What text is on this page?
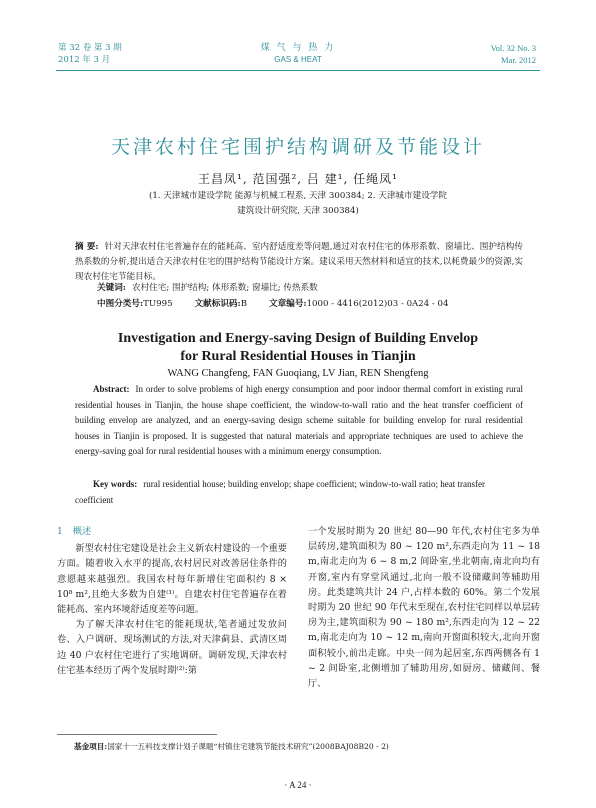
第 32 卷 第 3 期
2012 年 3 月
煤 气 与 热 力
GAS & HEAT
Vol. 32 No. 3
Mar. 2012
天津农村住宅围护结构调研及节能设计
王昌凤¹, 范国强², 吕 建¹, 任绳凤¹
(1. 天津城市建设学院 能源与机械工程系, 天津 300384; 2. 天津城市建设学院
建筑设计研究院, 天津 300384)
摘 要: 针对天津农村住宅普遍存在的能耗高、室内舒适度差等问题,通过对农村住宅的体形系数、窗墙比、围护结构传热系数的分析,提出适合天津农村住宅的围护结构节能设计方案。建议采用天然材料和适宜的技术,以耗费最少的资源,实现农村住宅节能目标。
关键词: 农村住宅; 围护结构; 体形系数; 窗墙比; 传热系数
中图分类号:TU995	文献标识码:B	文章编号:1000 - 4416(2012)03 - 0A24 - 04
Investigation and Energy-saving Design of Building Envelop
for Rural Residential Houses in Tianjin
WANG Changfeng, FAN Guoqiang, LV Jian, REN Shengfeng
Abstract: In order to solve problems of high energy consumption and poor indoor thermal comfort in existing rural residential houses in Tianjin, the house shape coefficient, the window-to-wall ratio and the heat transfer coefficient of building envelop are analyzed, and an energy-saving design scheme suitable for building envelop for rural residential houses in Tianjin is proposed. It is suggested that natural materials and appropriate techniques are used to achieve the energy-saving goal for rural residential houses with a minimum energy consumption.
Key words: rural residential house; building envelop; shape coefficient; window-to-wall ratio; heat transfer coefficient
1 概述

新型农村住宅建设是社会主义新农村建设的一个重要方面。随着收入水平的提高,农村居民对改善居住条件的意愿越来越强烈。我国农村每年新增住宅面积约 8 × 10⁸ m²,且绝大多数为自建⁽¹⁾。自建农村住宅普遍存在着能耗高、室内环境舒适度差等问题。

为了解天津农村住宅的能耗现状,笔者通过发放问卷、入户调研、现场测试的方法,对天津蓟县、武清区周边 40 户农村住宅进行了实地调研。调研发现,天津农村住宅基本经历了两个发展时期⁽²⁾:第

一个发展时期为 20 世纪 80—90 年代,农村住宅多为单层砖房,建筑面积为 80 ~ 120 m²,东西走向为 11 ~ 18 m,南北走向为 6 ~ 8 m,2 间卧室,坐北朝南,南北向均有开窗,室内有穿堂风通过,北向一般不设储藏间等辅助用房。此类建筑共计 24 户,占样本数的 60%。第二个发展时期为 20 世纪 90 年代末至现在,农村住宅同样以单层砖房为主,建筑面积为 90 ~ 180 m²,东西走向为 12 ~ 22 m,南北走向为 10 ~ 12 m,南向开窗面积较大,北向开窗面积较小,前出走廊。中央一间为起居室,东西两侧各有 1 ~ 2 间卧室,北侧增加了辅助用房,如厨房、储藏间、餐厅、

基金项目:国家十一五科技支撑计划子课题“村镇住宅建筑节能技术研究”(2008BAJ08B20 - 2)
· A 24 ·
